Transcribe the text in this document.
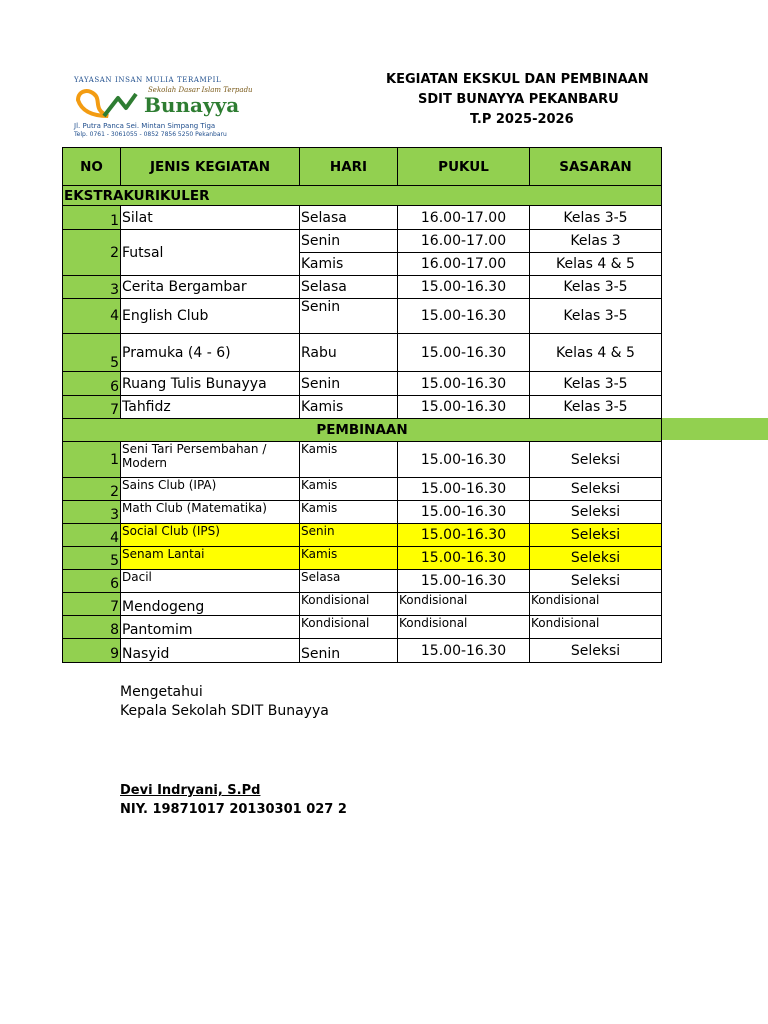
YAYASAN INSAN MULIA TERAMPIL
Sekolah Dasar Islam Terpadu
Bunayya
Jl. Putra Panca Sei. Mintan Simpang Tiga
Telp. 0761 - 3061055 - 0852 7856 5250 Pekanbaru
KEGIATAN EKSKUL DAN PEMBINAAN
SDIT BUNAYYA PEKANBARU
T.P 2025-2026
NO	JENIS KEGIATAN	HARI	PUKUL	SASARAN
EKSTRAKURIKULER				
1	Silat	Selasa	16.00-17.00	Kelas 3-5
2	Futsal	Senin	16.00-17.00	Kelas 3
		Kamis	16.00-17.00	Kelas 4 & 5
3	Cerita Bergambar	Selasa	15.00-16.30	Kelas 3-5
4	English Club	Senin	15.00-16.30	Kelas 3-5
5	Pramuka (4 - 6)	Rabu	15.00-16.30	Kelas 4 & 5
6	Ruang Tulis Bunayya	Senin	15.00-16.30	Kelas 3-5
7	Tahfidz	Kamis	15.00-16.30	Kelas 3-5
PEMBINAAN				
1	Seni Tari Persembahan / Modern	Kamis	15.00-16.30	Seleksi
2	Sains Club (IPA)	Kamis	15.00-16.30	Seleksi
3	Math Club (Matematika)	Kamis	15.00-16.30	Seleksi
4	Social Club (IPS)	Senin	15.00-16.30	Seleksi
5	Senam Lantai	Kamis	15.00-16.30	Seleksi
6	Dacil	Selasa	15.00-16.30	Seleksi
7	Mendogeng	Kondisional	Kondisional	Kondisional
8	Pantomim	Kondisional	Kondisional	Kondisional
9	Nasyid	Senin	15.00-16.30	Seleksi
Mengetahui
Kepala Sekolah SDIT Bunayya
Devi Indryani, S.Pd
NIY. 19871017 20130301 027 2
